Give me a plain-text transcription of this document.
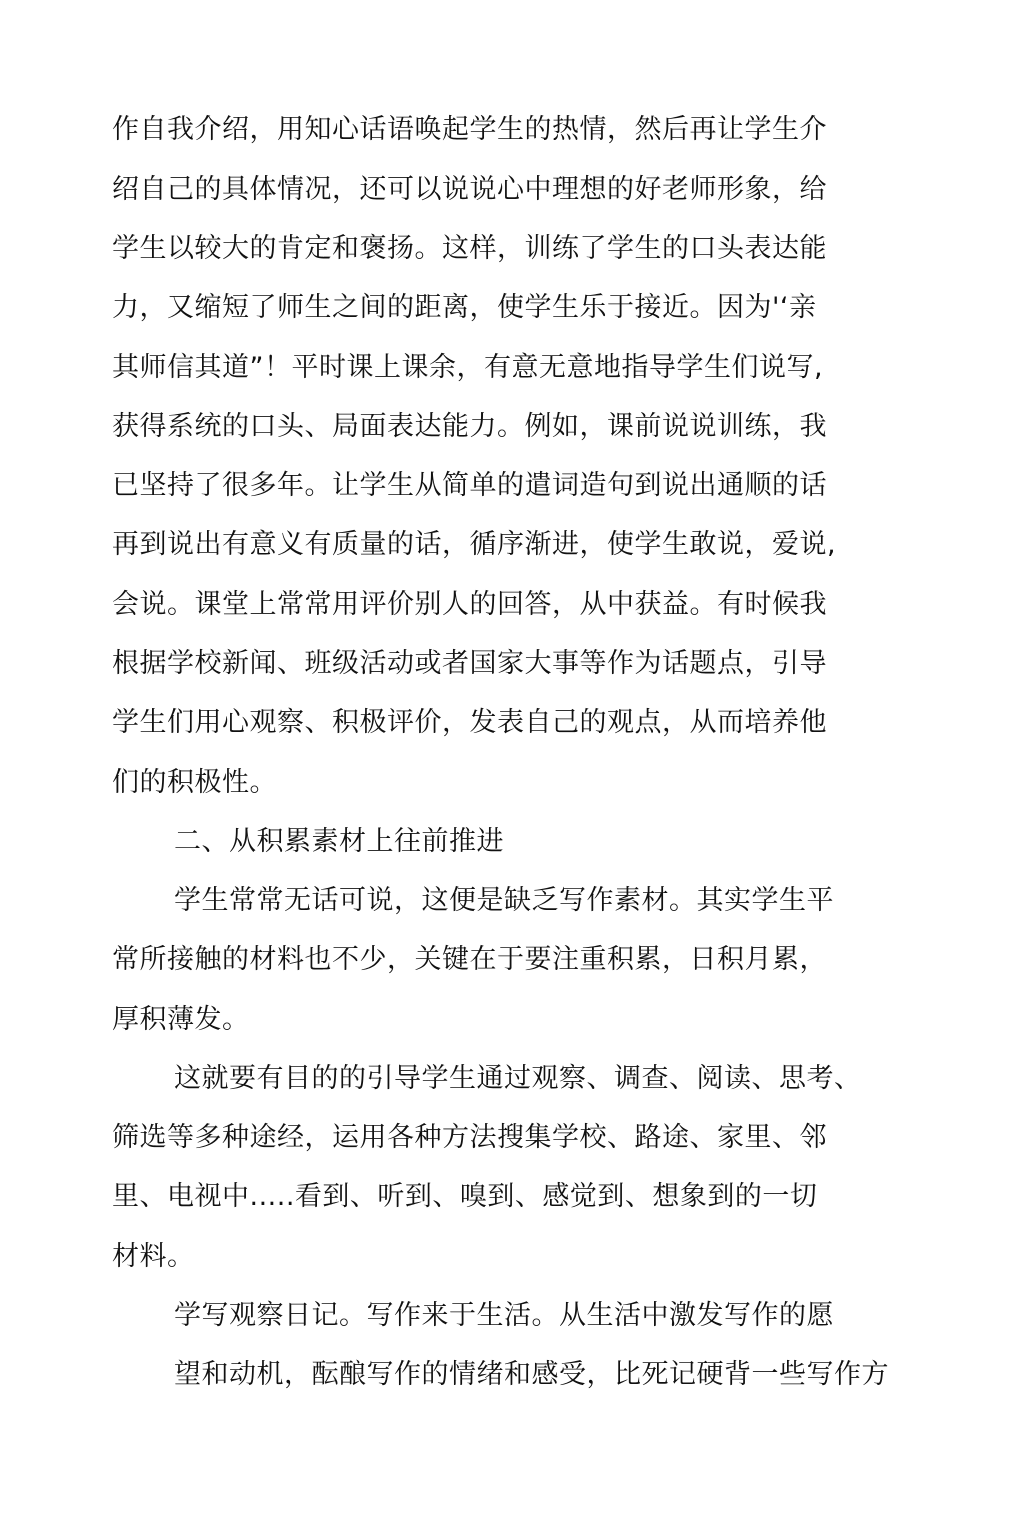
作自我介绍，用知心话语唤起学生的热情，然后再让学生介
绍自己的具体情况，还可以说说心中理想的好老师形象，给
学生以较大的肯定和褒扬。这样，训练了学生的口头表达能
力，又缩短了师生之间的距离，使学生乐于接近。因为'‘亲
其师信其道”！平时课上课余，有意无意地指导学生们说写,
获得系统的口头、局面表达能力。例如，课前说说训练，我
已坚持了很多年。让学生从简单的遣词造句到说出通顺的话
再到说出有意义有质量的话，循序渐进，使学生敢说，爱说,
会说。课堂上常常用评价别人的回答，从中获益。有时候我
根据学校新闻、班级活动或者国家大事等作为话题点，引导
学生们用心观察、积极评价，发表自己的观点，从而培养他
们的积极性。
二、从积累素材上往前推进
学生常常无话可说，这便是缺乏写作素材。其实学生平
常所接触的材料也不少，关键在于要注重积累，日积月累，
厚积薄发。
这就要有目的的引导学生通过观察、调查、阅读、思考、
筛选等多种途经，运用各种方法搜集学校、路途、家里、邻
里、电视中.....看到、听到、嗅到、感觉到、想象到的一切
材料。
学写观察日记。写作来于生活。从生活中激发写作的愿
望和动机，酝酿写作的情绪和感受，比死记硬背一些写作方
